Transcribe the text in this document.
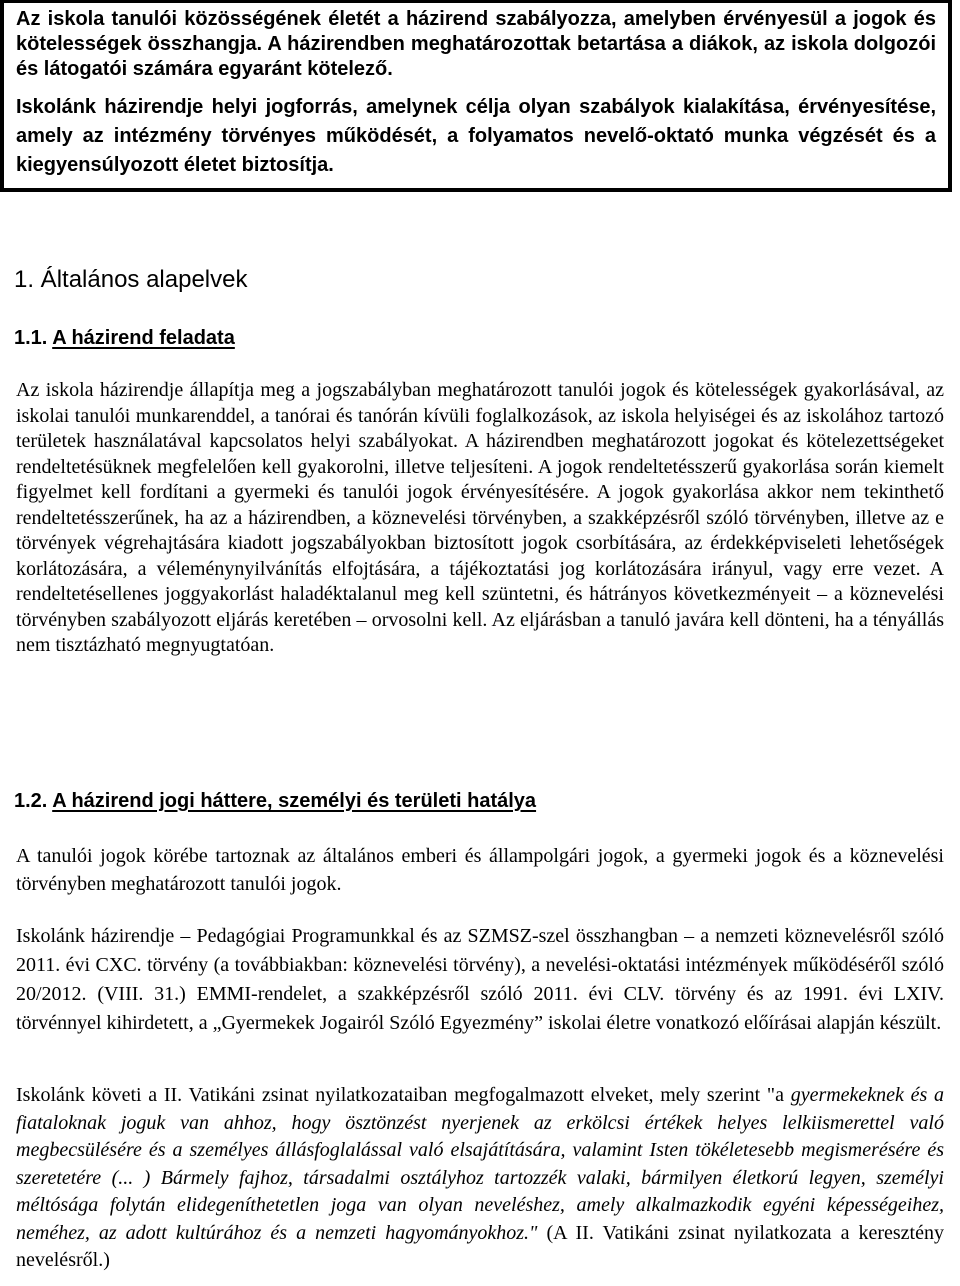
Az iskola tanulói közösségének életét a házirend szabályozza, amelyben érvényesül a jogok és kötelességek összhangja. A házirendben meghatározottak betartása a diákok, az iskola dolgozói és látogatói számára egyaránt kötelező.

Iskolánk házirendje helyi jogforrás, amelynek célja olyan szabályok kialakítása, érvényesítése, amely az intézmény törvényes működését, a folyamatos nevelő-oktató munka végzését és a kiegyensúlyozott életet biztosítja.

1. Általános alapelvek
1.1. A házirend feladata

Az iskola házirendje állapítja meg a jogszabályban meghatározott tanulói jogok és kötelességek gyakorlásával, az iskolai tanulói munkarenddel, a tanórai és tanórán kívüli foglalkozások, az iskola helyiségei és az iskolához tartozó területek használatával kapcsolatos helyi szabályokat. A házirendben meghatározott jogokat és kötelezettségeket rendeltetésüknek megfelelően kell gyakorolni, illetve teljesíteni. A jogok rendeltetésszerű gyakorlása során kiemelt figyelmet kell fordítani a gyermeki és tanulói jogok érvényesítésére. A jogok gyakorlása akkor nem tekinthető rendeltetésszerűnek, ha az a házirendben, a köznevelési törvényben, a szakképzésről szóló törvényben, illetve az e törvények végrehajtására kiadott jogszabályokban biztosított jogok csorbítására, az érdekképviseleti lehetőségek korlátozására, a véleménynyilvánítás elfojtására, a tájékoztatási jog korlátozására irányul, vagy erre vezet. A rendeltetésellenes joggyakorlást haladéktalanul meg kell szüntetni, és hátrányos következményeit – a köznevelési törvényben szabályozott eljárás keretében – orvosolni kell. Az eljárásban a tanuló javára kell dönteni, ha a tényállás nem tisztázható megnyugtatóan.

1.2. A házirend jogi háttere, személyi és területi hatálya

A tanulói jogok körébe tartoznak az általános emberi és állampolgári jogok, a gyermeki jogok és a köznevelési törvényben meghatározott tanulói jogok.

Iskolánk házirendje – Pedagógiai Programunkkal és az SZMSZ-szel összhangban – a nemzeti köznevelésről szóló 2011. évi CXC. törvény (a továbbiakban: köznevelési törvény), a nevelési-oktatási intézmények működéséről szóló 20/2012. (VIII. 31.) EMMI-rendelet, a szakképzésről szóló 2011. évi CLV. törvény és az 1991. évi LXIV. törvénnyel kihirdetett, a „Gyermekek Jogairól Szóló Egyezmény” iskolai életre vonatkozó előírásai alapján készült.

Iskolánk követi a II. Vatikáni zsinat nyilatkozataiban megfogalmazott elveket, mely szerint "a gyermekeknek és a fiataloknak joguk van ahhoz, hogy ösztönzést nyerjenek az erkölcsi értékek helyes lelkiismerettel való megbecsülésére és a személyes állásfoglalással való elsajátítására, valamint Isten tökéletesebb megismerésére és szeretetére (... ) Bármely fajhoz, társadalmi osztályhoz tartozzék valaki, bármilyen életkorú legyen, személyi méltósága folytán elidegeníthetetlen joga van olyan neveléshez, amely alkalmazkodik egyéni képességeihez, neméhez, az adott kultúrához és a nemzeti hagyományokhoz." (A II. Vatikáni zsinat nyilatkozata a keresztény nevelésről.)
